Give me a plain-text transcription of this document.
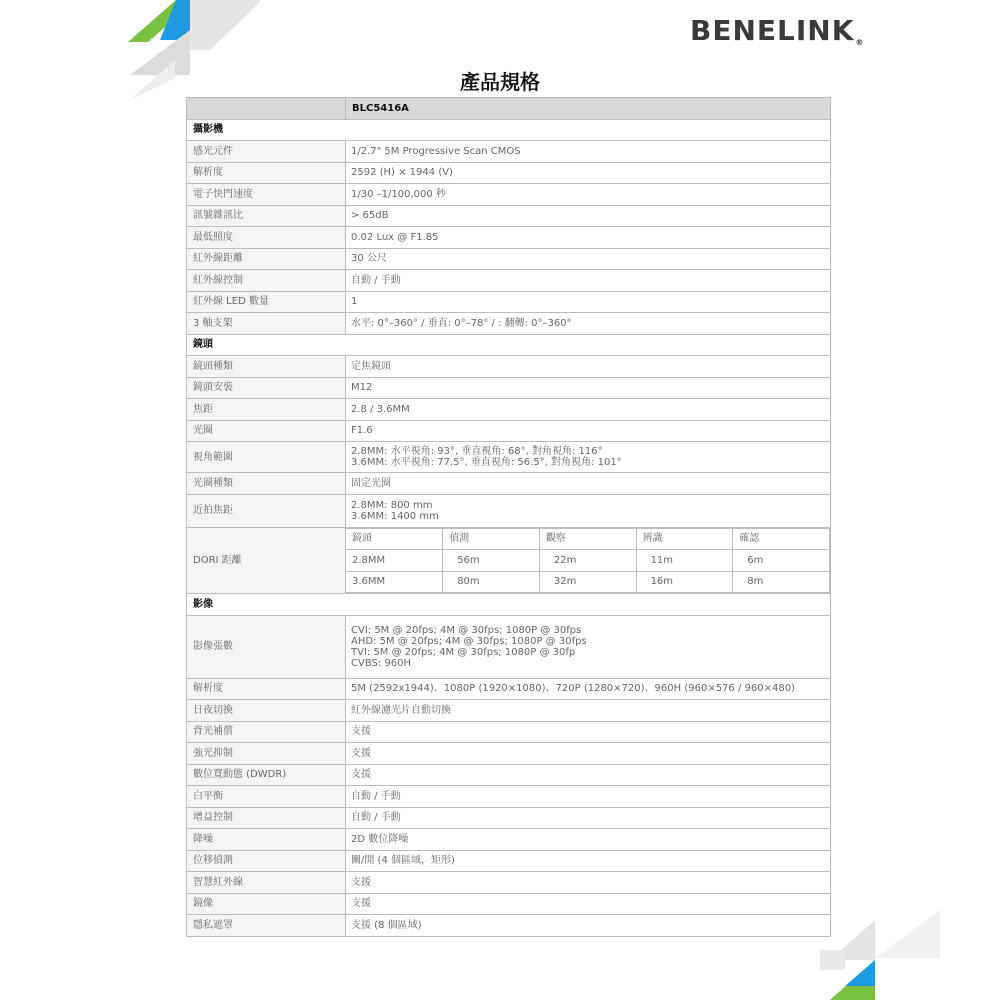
BENELINK®
產品規格
	BLC5416A
攝影機
感光元件	1/2.7" 5M Progressive Scan CMOS
解析度	2592 (H) × 1944 (V)
電子快門速度	1/30 –1/100,000 秒
訊號雜訊比	> 65dB
最低照度	0.02 Lux @ F1.85
紅外線距離	30 公尺
紅外線控制	自動 / 手動
紅外線 LED 數量	1
3 軸支架	水平: 0°–360° / 垂直: 0°–78° / : 翻轉: 0°–360°
鏡頭
鏡頭種類	定焦鏡頭
鏡頭安裝	M12
焦距	2.8 / 3.6MM
光圈	F1.6
視角範圍	2.8MM: 水平視角: 93°, 垂直視角: 68°, 對角視角: 116°
3.6MM: 水平視角: 77.5°, 垂直視角: 56.5°, 對角視角: 101°

光圈種類	固定光圈
近拍焦距	2.8MM: 800 mm
3.6MM: 1400 mm

DORI 距離	
鏡頭	偵測	觀察	辨識	確認
2.8MM	56m	22m	11m	6m
3.6MM	80m	32m	16m	8m

影像
影像張數	
CVI: 5M @ 20fps; 4M @ 30fps; 1080P @ 30fps
AHD: 5M @ 20fps; 4M @ 30fps; 1080P @ 30fps
TVI: 5M @ 20fps; 4M @ 30fps; 1080P @ 30fp
CVBS: 960H

解析度	5M (2592x1944)、1080P (1920×1080)、720P (1280×720)、960H (960×576 / 960×480)
日夜切換	紅外線濾光片自動切換
背光補償	支援
強光抑制	支援
數位寬動態 (DWDR)	支援
白平衡	自動 / 手動
增益控制	自動 / 手動
降噪	2D 數位降噪
位移偵測	關/開 (4 個區域，矩形)
智慧紅外線	支援
鏡像	支援
隱私遮罩	支援 (8 個區域)
